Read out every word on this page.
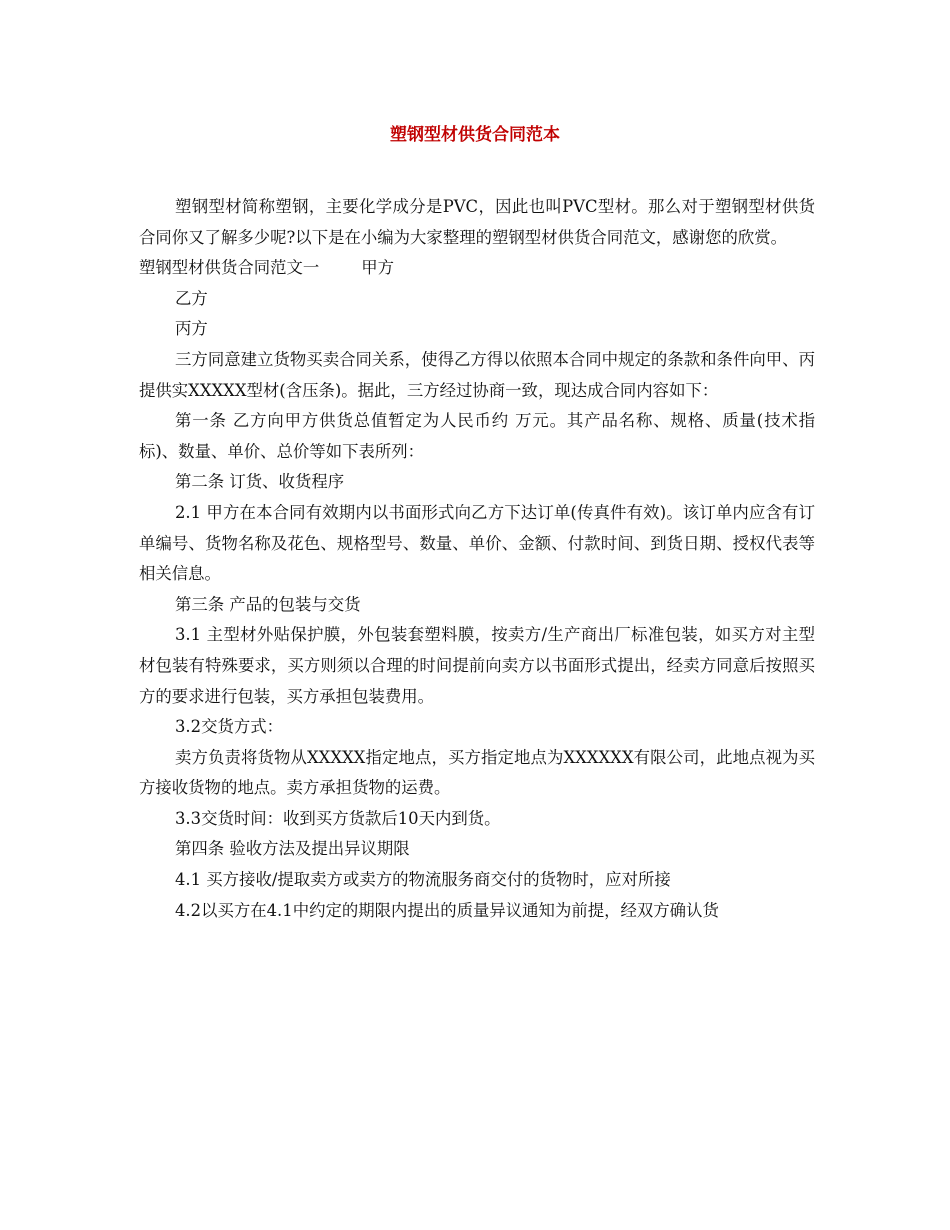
塑钢型材供货合同范本

塑钢型材简称塑钢，主要化学成分是PVC，因此也叫PVC型材。那么对于塑钢型材供货合同你又了解多少呢?以下是在小编为大家整理的塑钢型材供货合同范文，感谢您的欣赏。

塑钢型材供货合同范文一	甲方

乙方

丙方

三方同意建立货物买卖合同关系，使得乙方得以依照本合同中规定的条款和条件向甲、丙提供实XXXXX型材(含压条)。据此，三方经过协商一致，现达成合同内容如下：

第一条 乙方向甲方供货总值暂定为人民币约 万元。其产品名称、规格、质量(技术指标)、数量、单价、总价等如下表所列：

第二条 订货、收货程序

2.1 甲方在本合同有效期内以书面形式向乙方下达订单(传真件有效)。该订单内应含有订单编号、货物名称及花色、规格型号、数量、单价、金额、付款时间、到货日期、授权代表等相关信息。

第三条 产品的包装与交货

3.1 主型材外贴保护膜，外包装套塑料膜，按卖方/生产商出厂标准包装，如买方对主型材包装有特殊要求，买方则须以合理的时间提前向卖方以书面形式提出，经卖方同意后按照买方的要求进行包装，买方承担包装费用。

3.2交货方式：

卖方负责将货物从XXXXX指定地点，买方指定地点为XXXXXX有限公司，此地点视为买方接收货物的地点。卖方承担货物的运费。

3.3交货时间：收到买方货款后10天内到货。

第四条 验收方法及提出异议期限

4.1 买方接收/提取卖方或卖方的物流服务商交付的货物时，应对所接

4.2以买方在4.1中约定的期限内提出的质量异议通知为前提，经双方确认货
